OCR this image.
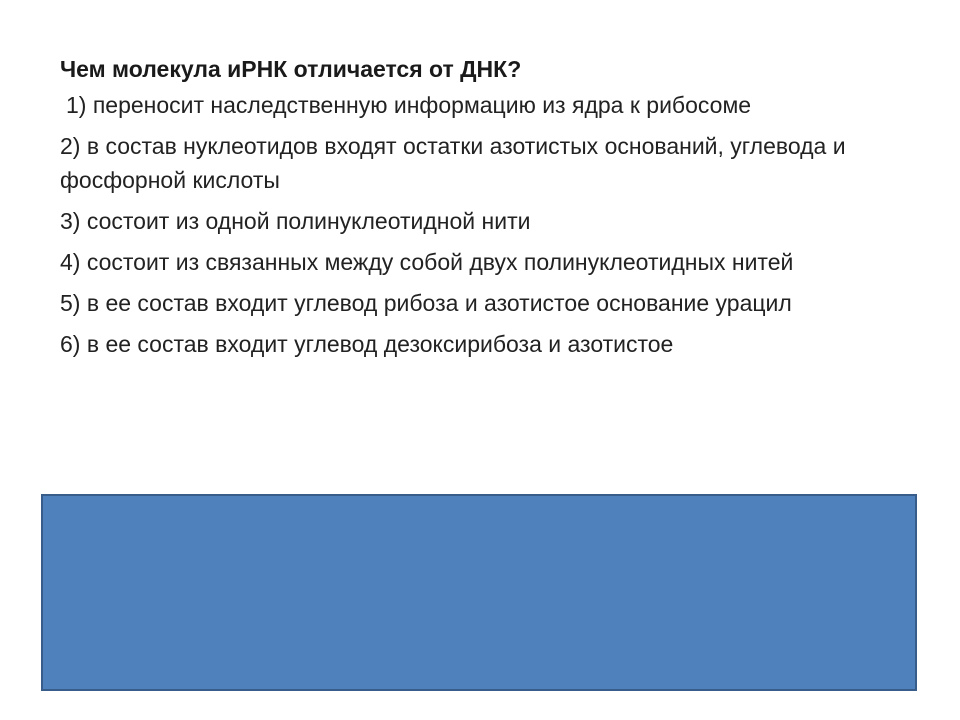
Чем молекула иРНК отличается от ДНК?

1) переносит наследственную информацию из ядра к рибосоме

2) в состав нуклеотидов входят остатки азотистых оснований, углевода и фосфорной кислоты

3) состоит из одной полинуклеотидной нити

4) состоит из связанных между собой двух полинуклеотидных нитей

5) в ее состав входит углевод рибоза и азотистое основание урацил

6) в ее состав входит углевод дезоксирибоза и азотистое
